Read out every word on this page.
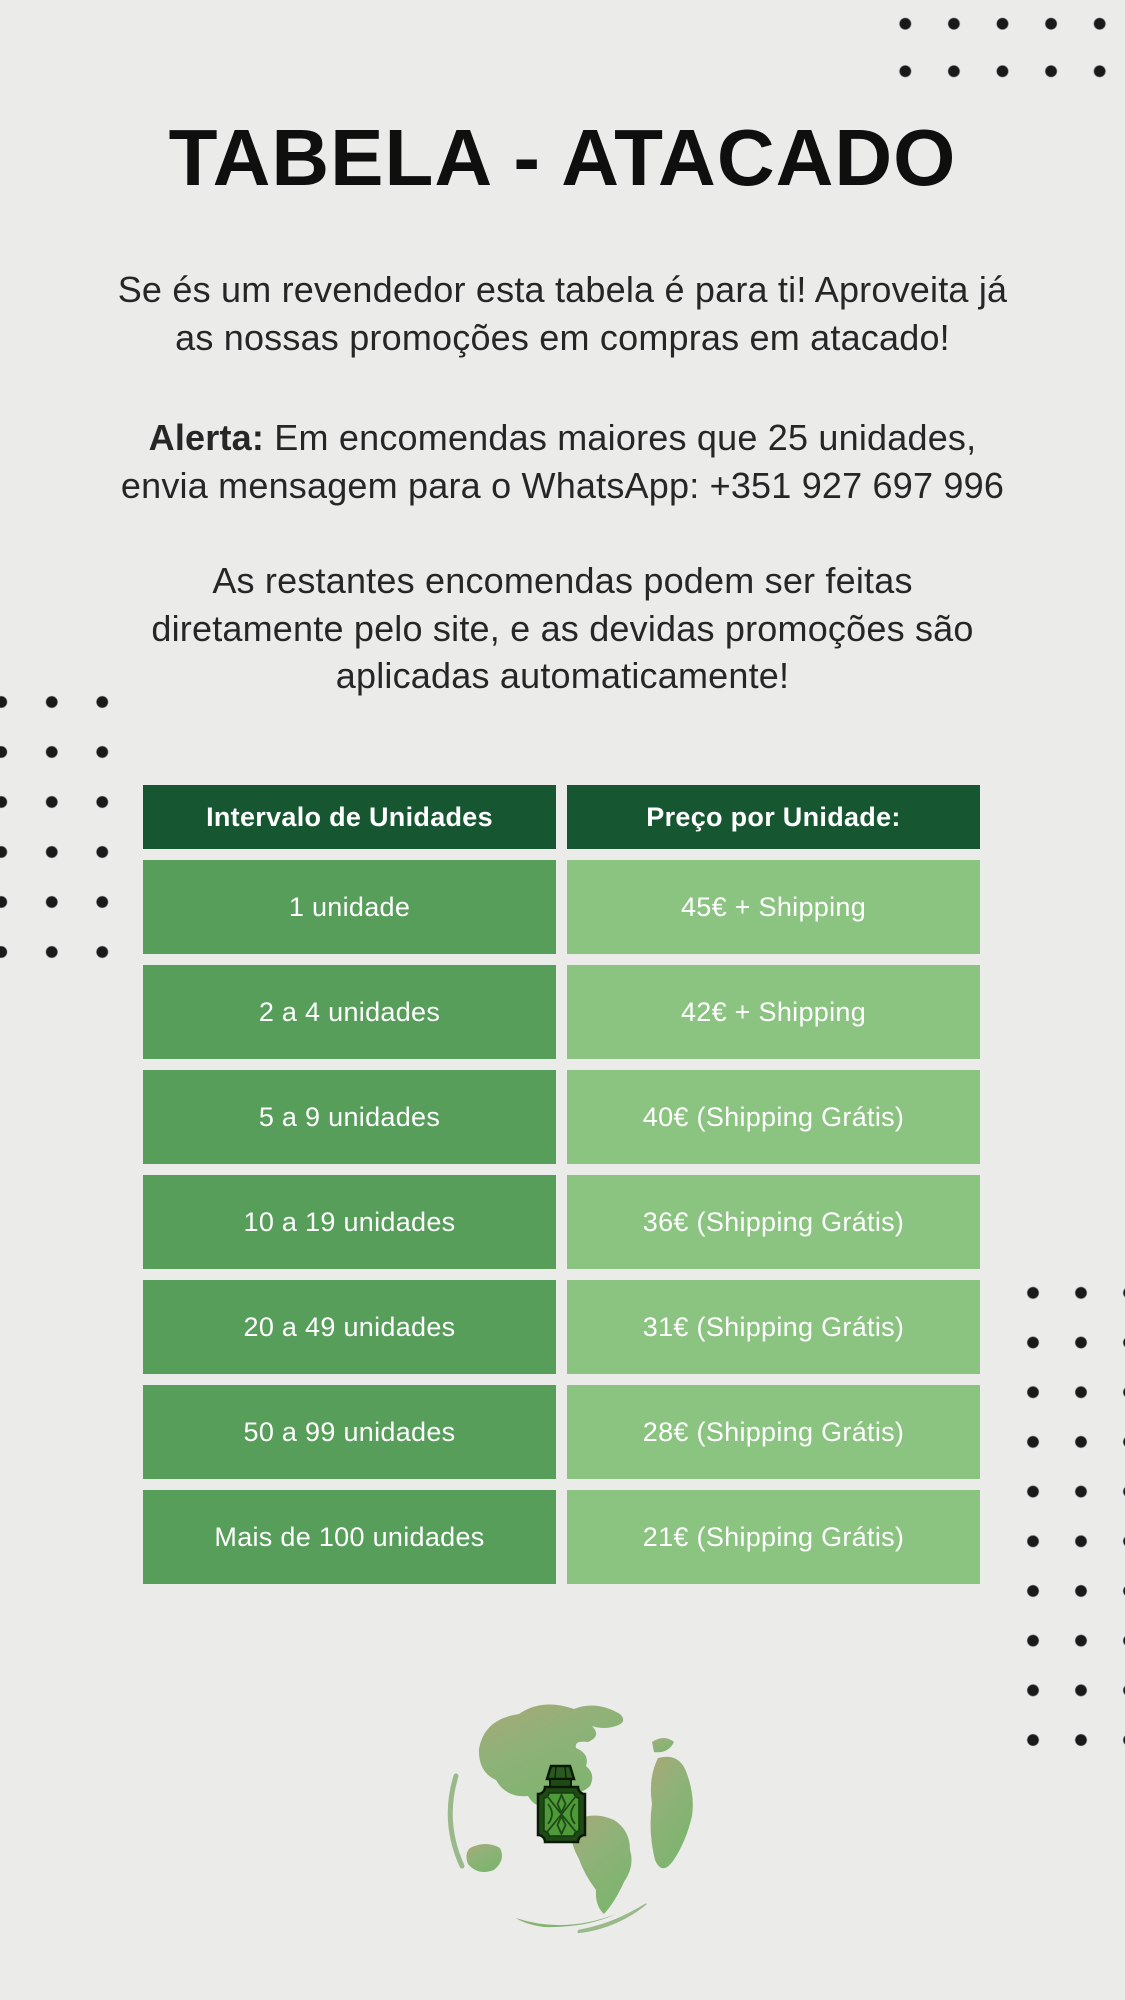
TABELA - ATACADO

Se és um revendedor esta tabela é para ti! Aproveita já
as nossas promoções em compras em atacado!

Alerta: Em encomendas maiores que 25 unidades,
envia mensagem para o WhatsApp: +351 927 697 996

As restantes encomendas podem ser feitas
diretamente pelo site, e as devidas promoções são
aplicadas automaticamente!

Intervalo de Unidades	Preço por Unidade:
1 unidade	45€ + Shipping
2 a 4 unidades	42€ + Shipping
5 a 9 unidades	40€ (Shipping Grátis)
10 a 19 unidades	36€ (Shipping Grátis)
20 a 49 unidades	31€ (Shipping Grátis)
50 a 99 unidades	28€ (Shipping Grátis)
Mais de 100 unidades	21€ (Shipping Grátis)
